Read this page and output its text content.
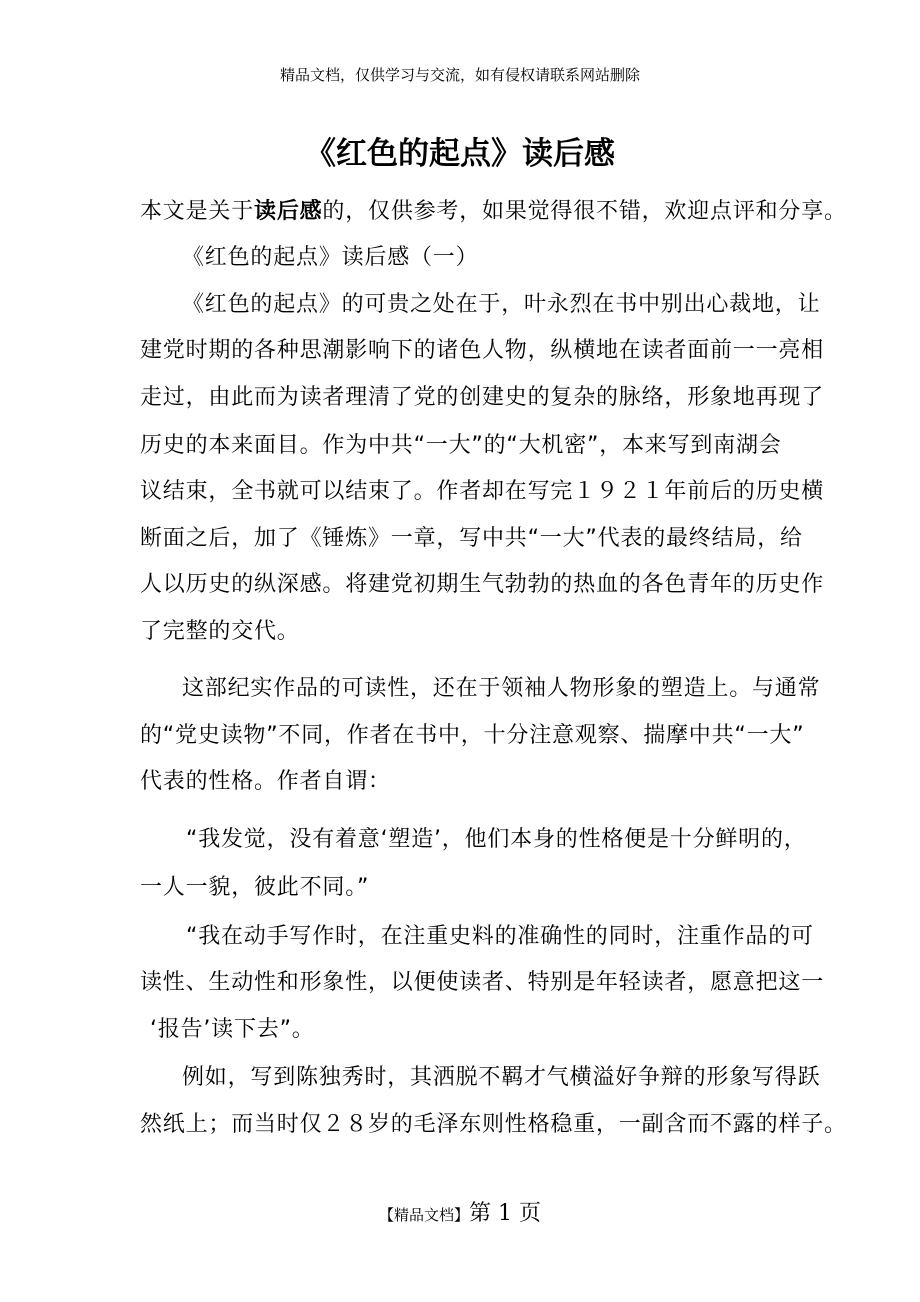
精品文档，仅供学习与交流，如有侵权请联系网站删除
《红色的起点》读后感
本文是关于读后感的，仅供参考，如果觉得很不错，欢迎点评和分享。
《红色的起点》读后感（一）
《红色的起点》的可贵之处在于，叶永烈在书中别出心裁地，让
建党时期的各种思潮影响下的诸色人物，纵横地在读者面前一一亮相
走过，由此而为读者理清了党的创建史的复杂的脉络，形象地再现了
历史的本来面目。作为中共“一大”的“大机密”，本来写到南湖会
议结束，全书就可以结束了。作者却在写完１９２１年前后的历史横
断面之后，加了《锤炼》一章，写中共“一大”代表的最终结局，给
人以历史的纵深感。将建党初期生气勃勃的热血的各色青年的历史作
了完整的交代。
这部纪实作品的可读性，还在于领袖人物形象的塑造上。与通常
的“党史读物”不同，作者在书中，十分注意观察、揣摩中共“一大”
代表的性格。作者自谓：
“我发觉，没有着意‘塑造’，他们本身的性格便是十分鲜明的，
一人一貌，彼此不同。”
“我在动手写作时，在注重史料的准确性的同时，注重作品的可
读性、生动性和形象性，以便使读者、特别是年轻读者，愿意把这一
‘报告’读下去”。
例如，写到陈独秀时，其洒脱不羁才气横溢好争辩的形象写得跃
然纸上；而当时仅２８岁的毛泽东则性格稳重，一副含而不露的样子。
【精品文档】第 1 页
